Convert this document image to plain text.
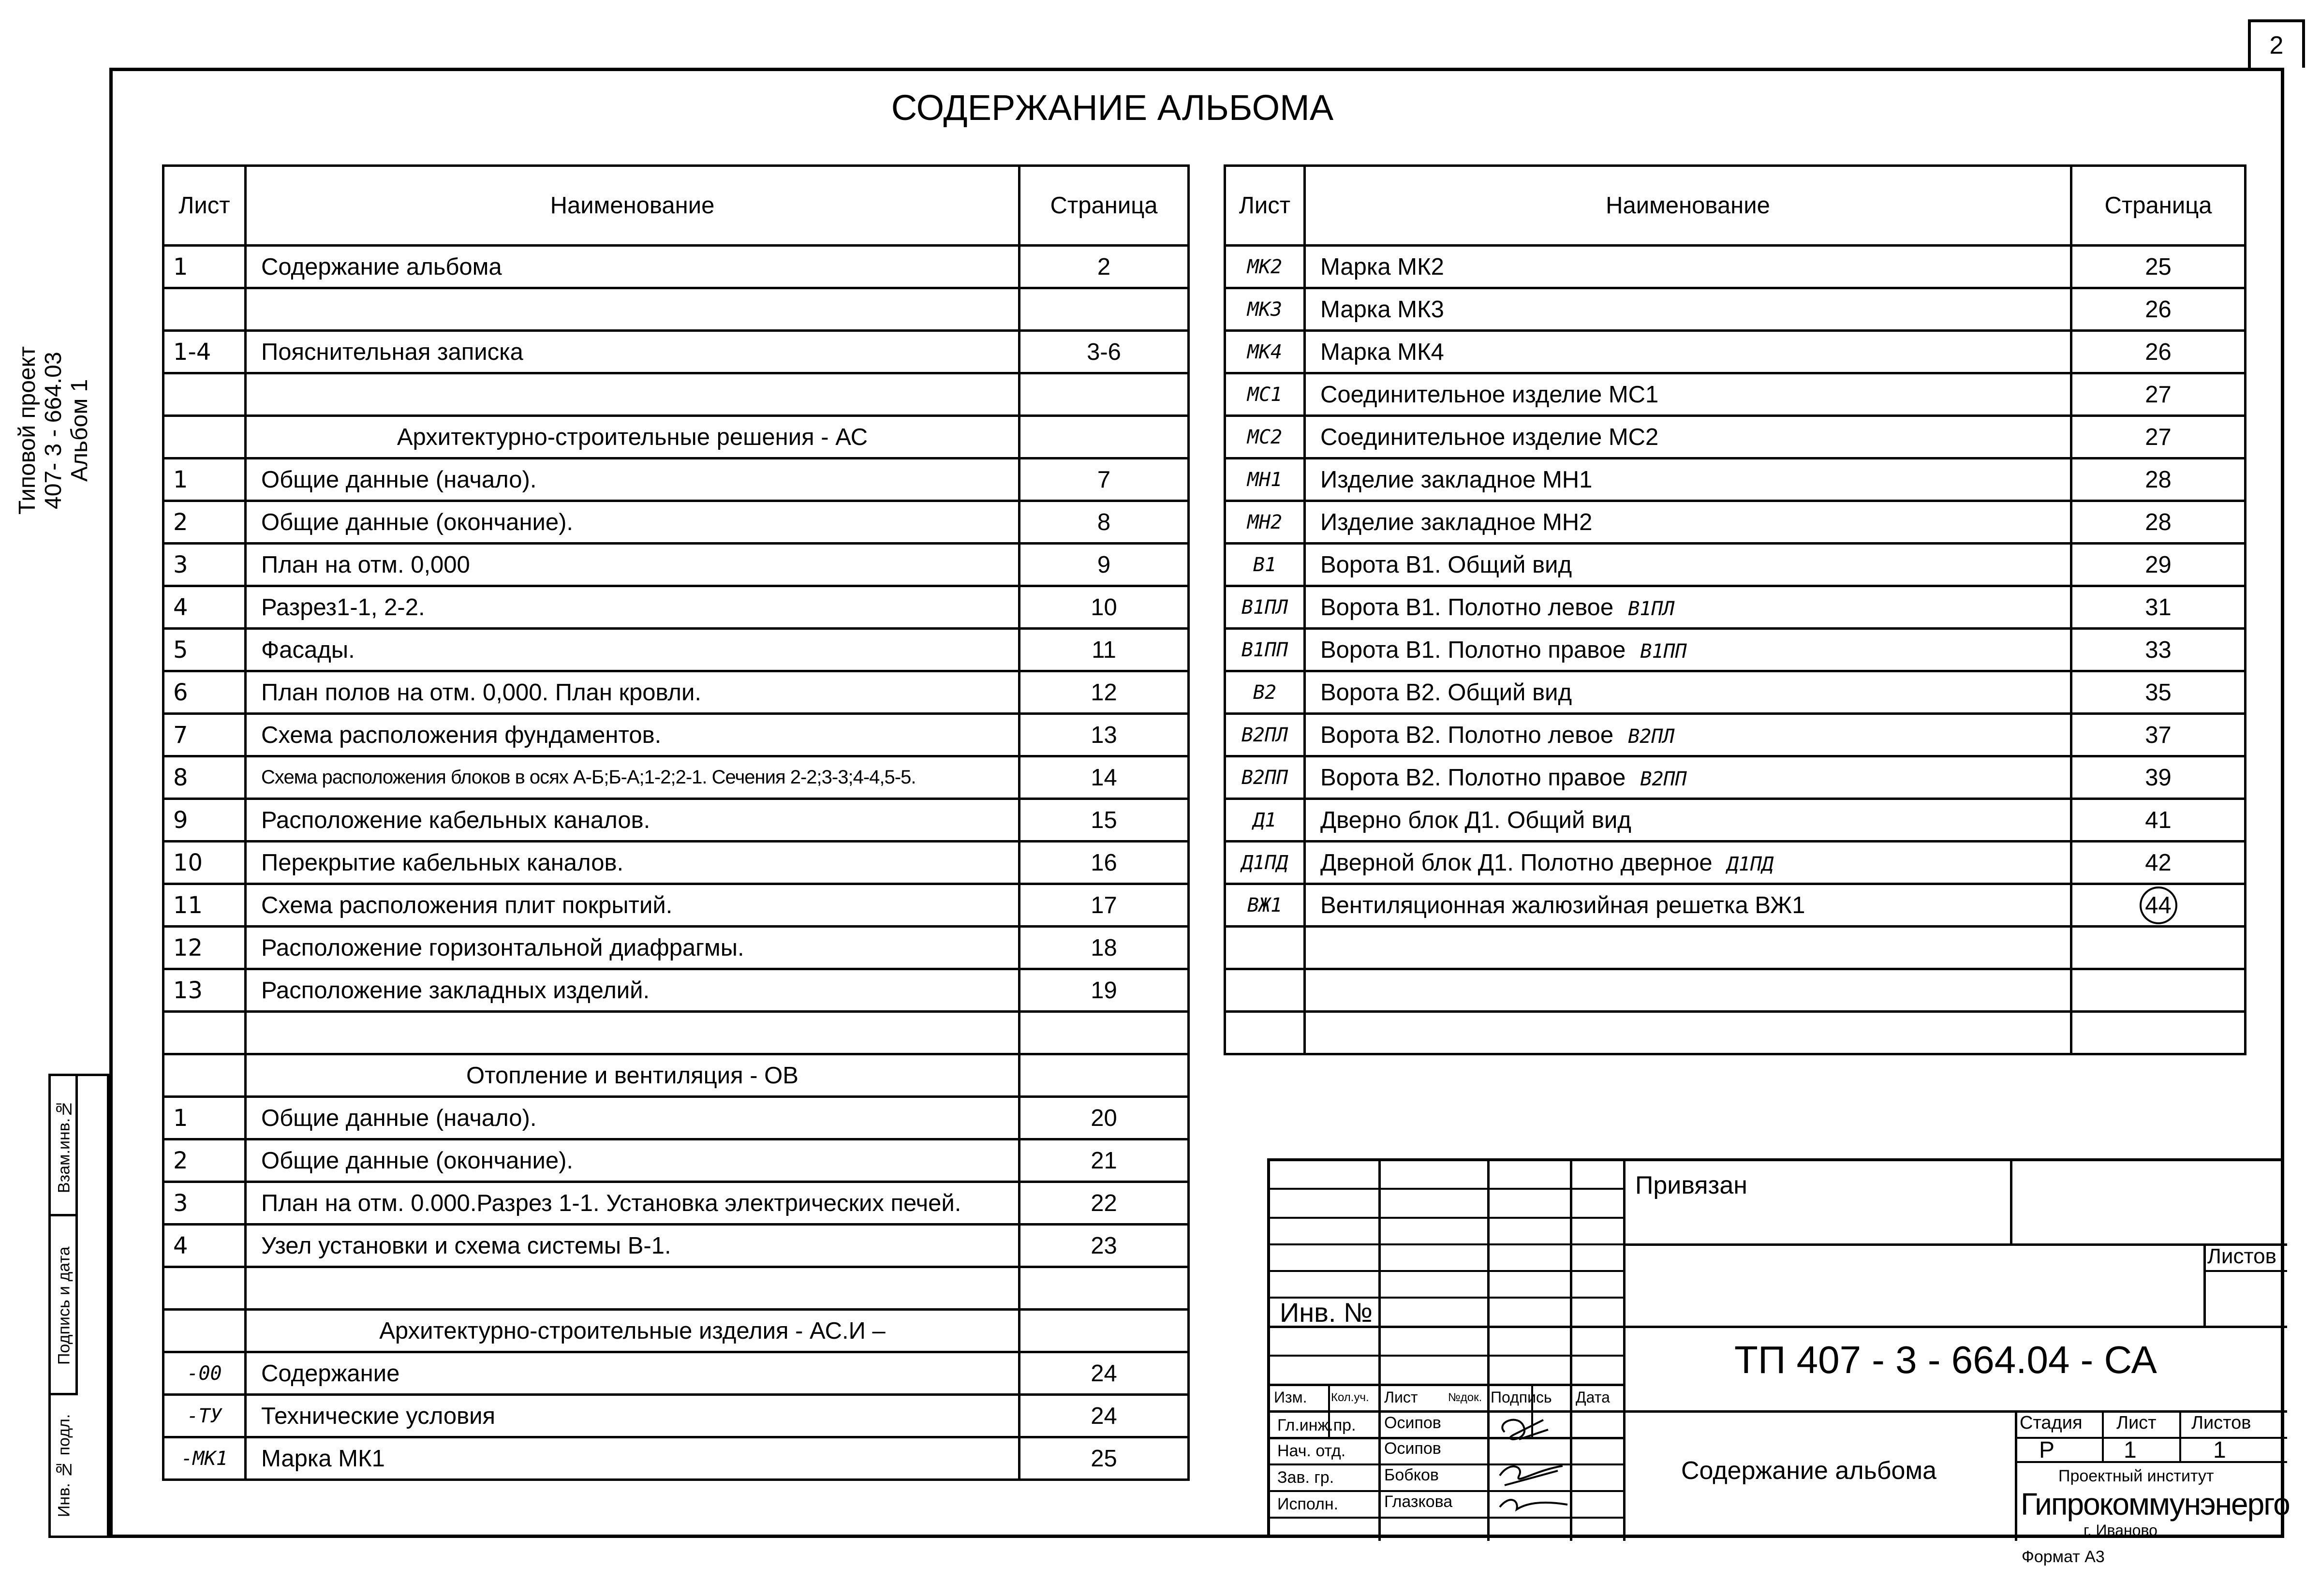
2
СОДЕРЖАНИЕ АЛЬБОМА
Типовой проект 407- 3 - 664.03 Альбом 1
Взам.инв.№
Подпись и дата
Инв. № подл.
Лист	Наименование	Страница
1	Содержание альбома	2

1-4	Пояснительная записка	3-6

	Архитектурно-строительные решения - АС	
1	Общие данные (начало).	7
2	Общие данные (окончание).	8
3	План на отм. 0,000	9
4	Разрез1-1, 2-2.	10
5	Фасады.	11
6	План полов на отм. 0,000. План кровли.	12
7	Схема расположения фундаментов.	13
8	Схема расположения блоков в осях А-Б;Б-А;1-2;2-1. Сечения 2-2;3-3;4-4,5-5.	14
9	Расположение кабельных каналов.	15
10	Перекрытие кабельных каналов.	16
11	Схема расположения плит покрытий.	17
12	Расположение горизонтальной диафрагмы.	18
13	Расположение закладных изделий.	19

	Отопление и вентиляция - ОВ	
1	Общие данные (начало).	20
2	Общие данные (окончание).	21
3	План на отм. 0.000.Разрез 1-1. Установка электрических печей.	22
4	Узел установки и схема системы В-1.	23

	Архитектурно-строительные изделия - АС.И –	
-00	Содержание	24
-ТУ	Технические условия	24
-МК1	Марка МК1	25
Лист	Наименование	Страница
МК2	Марка МК2	25
МК3	Марка МК3	26
МК4	Марка МК4	26
МС1	Соединительное изделие МС1	27
МС2	Соединительное изделие МС2	27
МН1	Изделие закладное МН1	28
МН2	Изделие закладное МН2	28
В1	Ворота В1. Общий вид	29
В1ПЛ	Ворота В1. Полотно левое В1ПЛ	31
В1ПП	Ворота В1. Полотно правое В1ПП	33
В2	Ворота В2. Общий вид	35
В2ПЛ	Ворота В2. Полотно левое В2ПЛ	37
В2ПП	Ворота В2. Полотно правое В2ПП	39
Д1	Дверно блок Д1. Общий вид	41
Д1ПД	Дверной блок Д1. Полотно дверное Д1ПД	42
ВЖ1	Вентиляционная жалюзийная решетка ВЖ1	44

Привязан
Листов
Инв. №
ТП 407 - 3 - 664.04 - СА
Изм. Кол.уч. Лист	№док. Подпись Дата
Гл.инж.пр. Осипов
Нач. отд. Осипов
Зав. гр.	Бобков
Исполн.	Глазкова
Содержание альбома
Стадия Лист Листов
Р	1	1
Проектный институт
Гипрокоммунэнерго
г. Иваново
Формат А3
